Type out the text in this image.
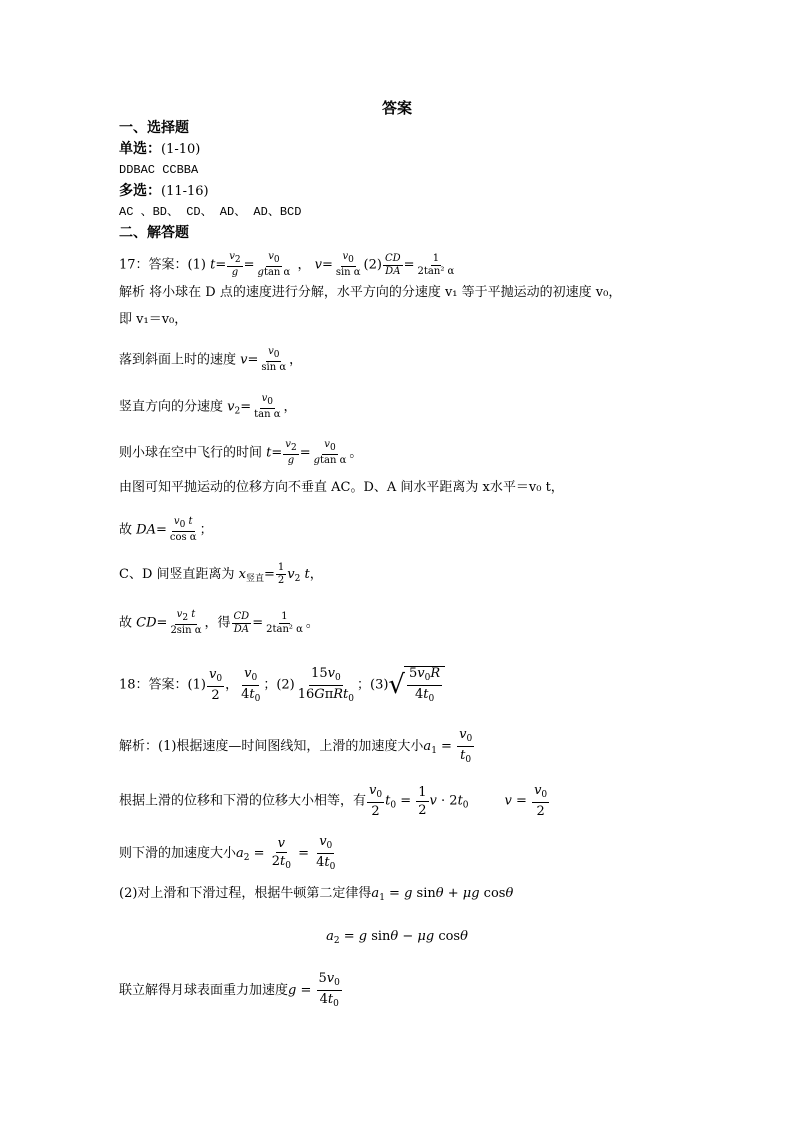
答案
一、选择题
单选：(1-10)
DDBAC CCBBA
多选：(11-16)
AC 、BD、 CD、 AD、 AD、BCD
二、解答题
17：答案：(1) $t= \frac{v_2}{g} = \frac{v_0}{\text{gtan α}}$ ， $v= \frac{v_0}{\text{sin α}} (2) \frac{CD}{DA} = \frac{1}{\text{2tan² α}}$
解析 将小球在 D 点的速度进行分解，水平方向的分速度 v₁ 等于平抛运动的初速度 v₀，
即 v₁＝v₀，
落到斜面上时的速度 $v= \frac{v_0}{\text{sin α}}$ ，
竖直方向的分速度 $v_2= \frac{v_0}{\text{tan α}}$ ，
则小球在空中飞行的时间 $t= \frac{v_2}{g} = \frac{v_0}{\text{gtan α}}$ 。
由图可知平抛运动的位移方向不垂直 AC。D、A 间水平距离为 x水平＝v₀ t，
故 $DA= \frac{v_0 t}{\text{cos α}}$ ；
C、D 间竖直距离为 $x_{竖直}= \frac{1}{2} v_2$ t，
故 $CD= \frac{v_2 t}{\text{2sin α}}$ ，得 $\frac{CD}{DA} = \frac{1}{\text{2tan² α}}$ 。
18：答案：$(1) \frac{v_0}{2}$ ， $\frac{v_0}{4t_0}$ ；$(2) \frac{15v_0}{16G\pi Rt_0}$ ；(3) √ $\frac{5v_0R}{4t_0}$
解析：(1)根据速度—时间图线知，上滑的加速度大小$a_1 = \frac{v_0}{t_0}$
根据上滑的位移和下滑的位移大小相等，有 $\frac{v_0}{2} t_0 = \frac{1}{2}$ $v \cdot 2t_0$	$v = \frac{v_0}{2}$
则下滑的加速度大小$a_2 = \frac{v}{2t_0} = \frac{v_0}{4t_0}$
(2)对上滑和下滑过程，根据牛顿第二定律得$a_1 = g$ sinθ + μg cosθ
$a_2 = g$ sinθ − μg cosθ
联立解得月球表面重力加速度$g = \frac{5v_0}{4t_0}$
